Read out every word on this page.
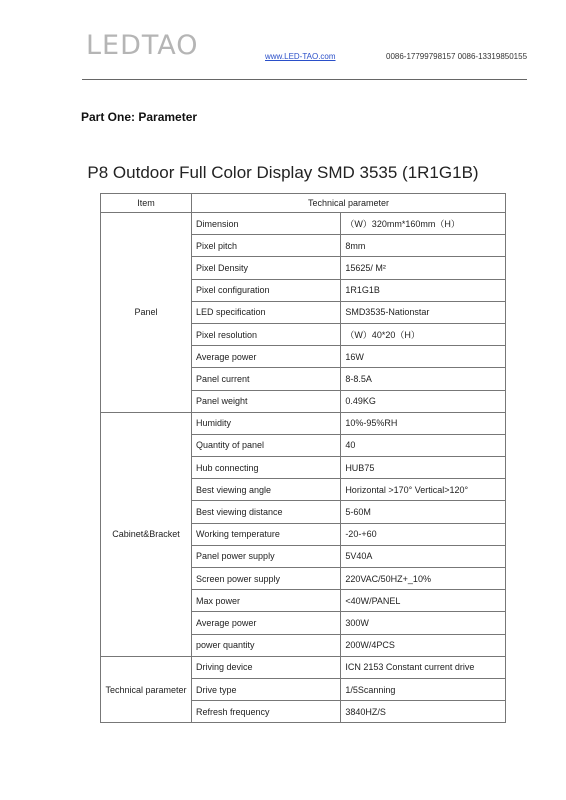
LEDTAO	www.LED-TAO.com	0086-17799798157 0086-13319850155
Part One: Parameter
P8 Outdoor Full Color Display SMD 3535 (1R1G1B)
Item	Technical parameter	
Panel	Dimension	（W）320mm*160mm（H）
	Pixel pitch	8mm
	Pixel Density	15625/ M²
	Pixel configuration	1R1G1B
	LED specification	SMD3535-Nationstar
	Pixel resolution	（W）40*20（H）
	Average power	16W
	Panel current	8-8.5A
	Panel weight	0.49KG
Cabinet&Bracket	Humidity	10%-95%RH
	Quantity of panel	40
	Hub connecting	HUB75
	Best viewing angle	Horizontal >170° Vertical>120°
	Best viewing distance	5-60M
	Working temperature	-20-+60
	Panel power supply	5V40A
	Screen power supply	220VAC/50HZ+_10%
	Max power	<40W/PANEL
	Average power	300W
	power quantity	200W/4PCS
Technical parameter	Driving device	ICN 2153 Constant current drive
	Drive type	1/5Scanning
	Refresh frequency	3840HZ/S
